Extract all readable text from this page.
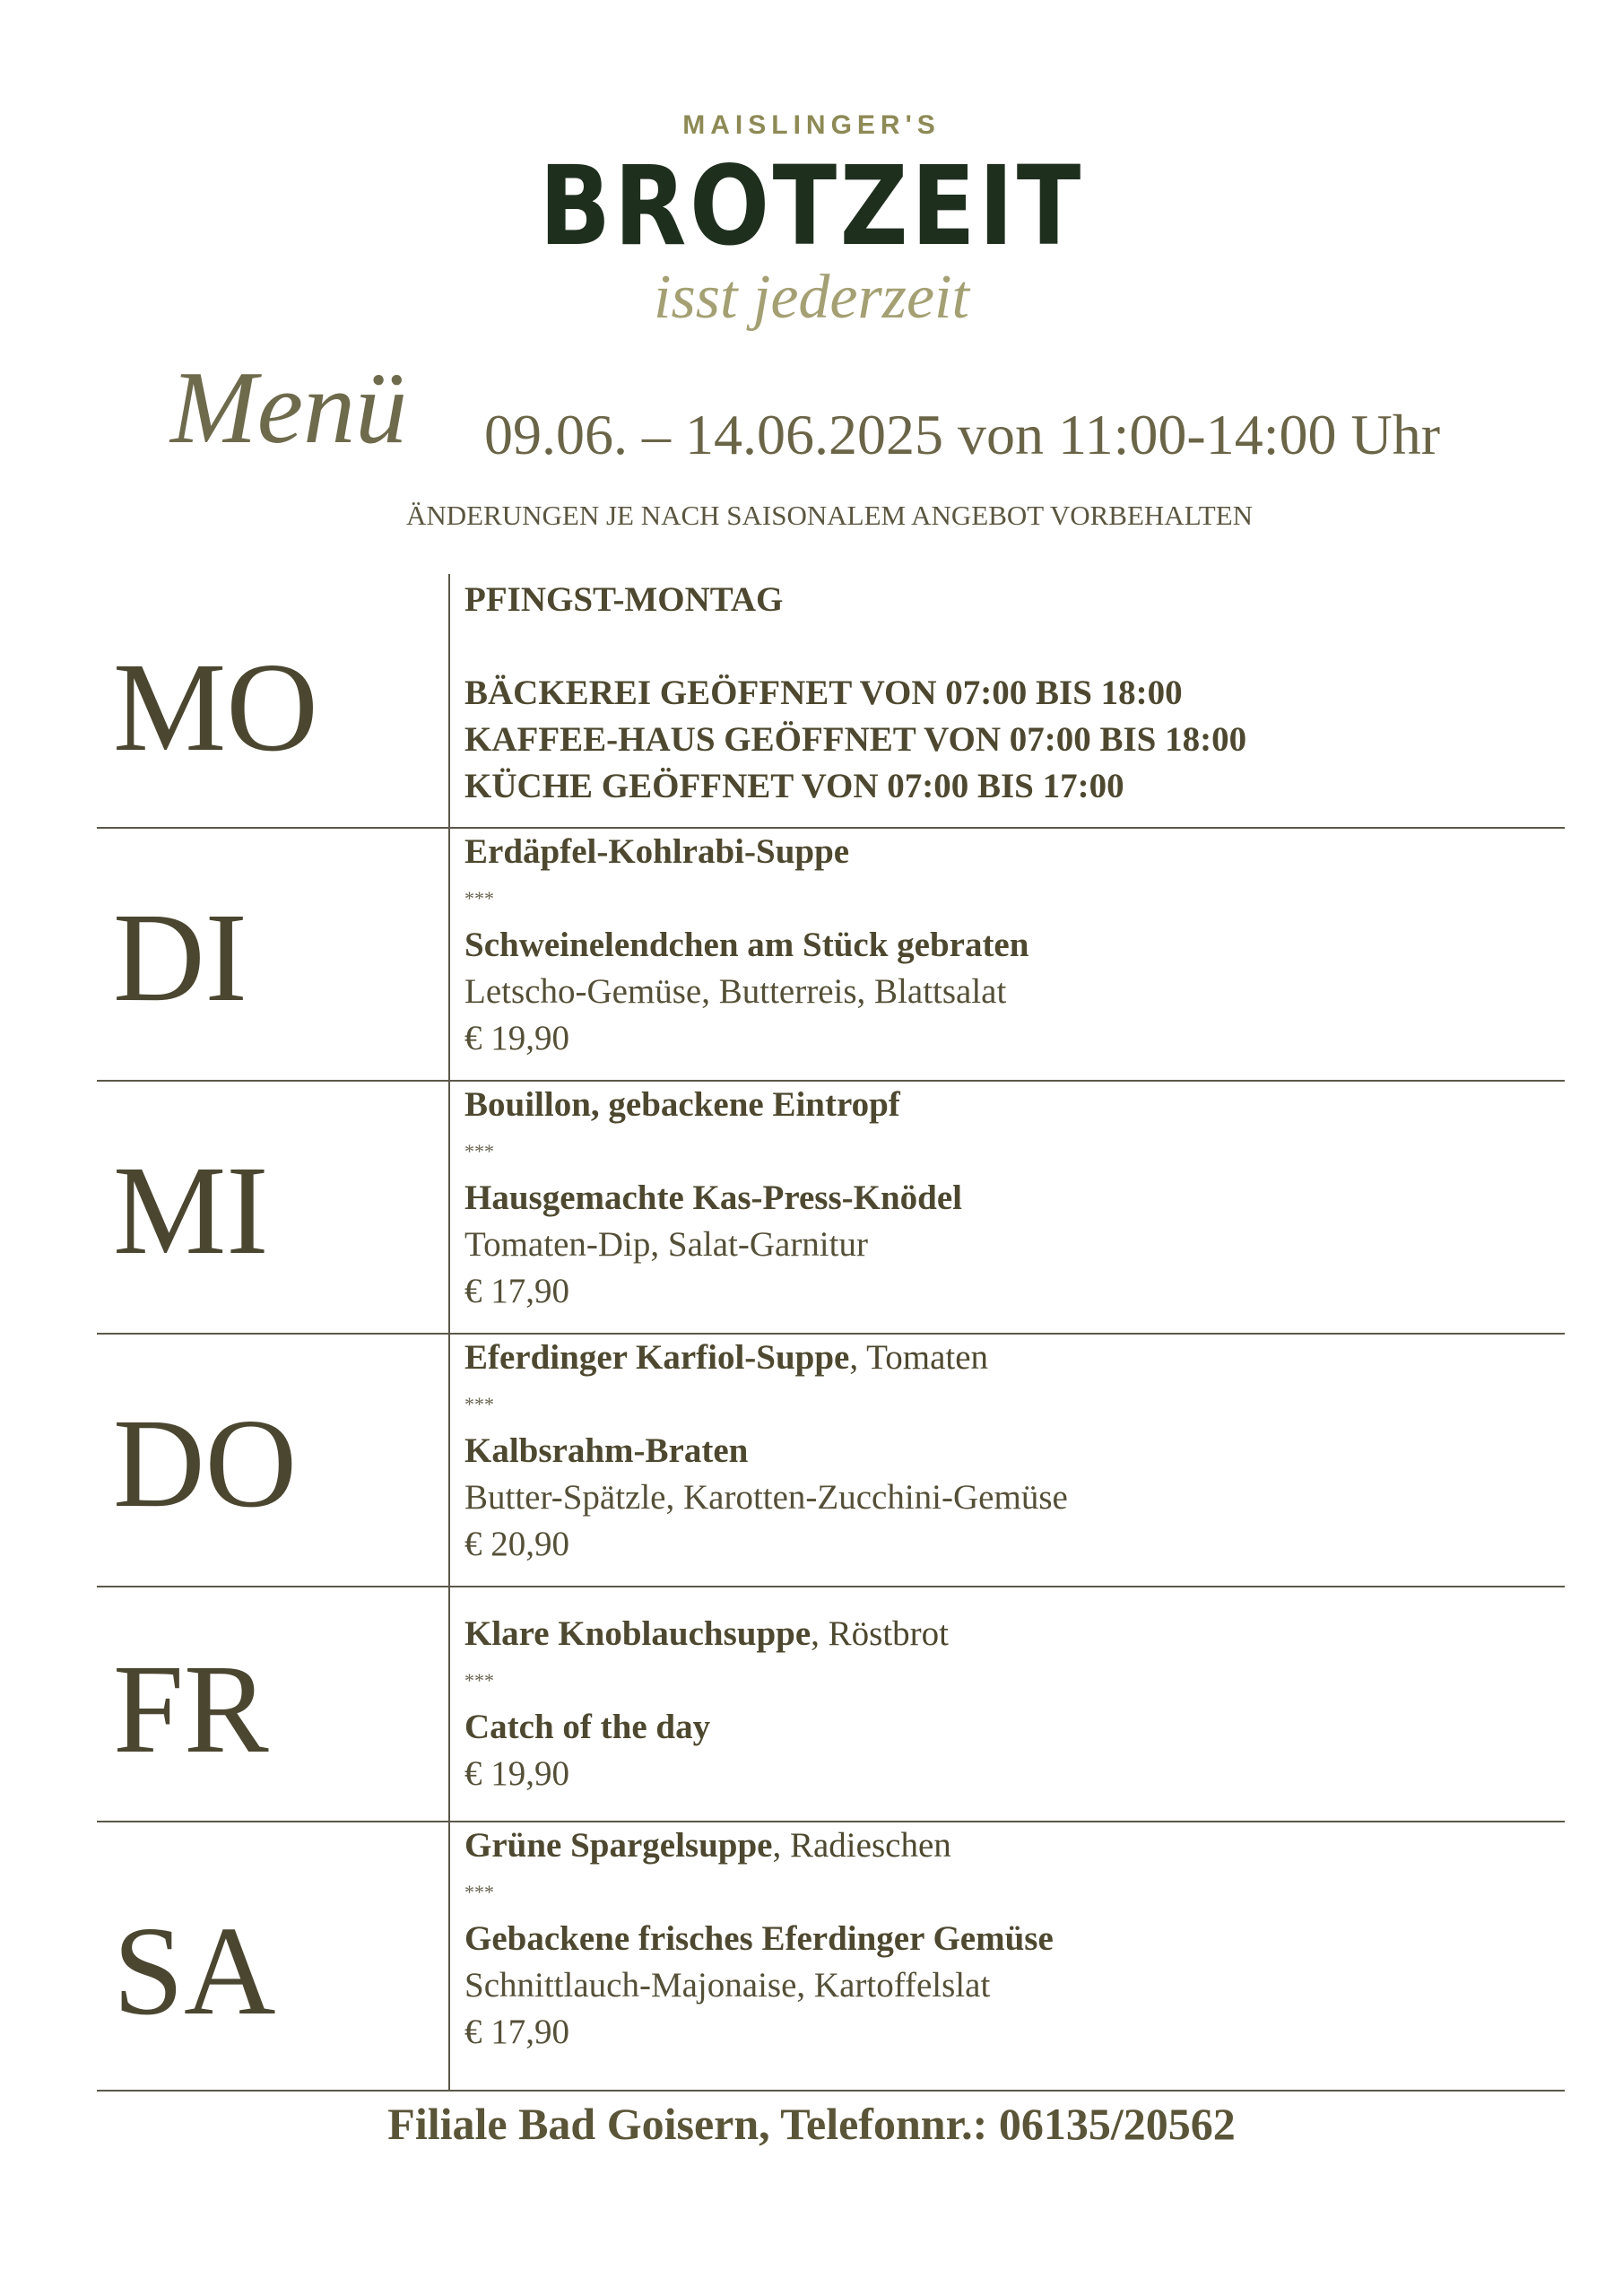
MAISLINGER'S
BROTZEIT
isst jederzeit
Menü 09.06. – 14.06.2025 von 11:00-14:00 Uhr
ÄNDERUNGEN JE NACH SAISONALEM ANGEBOT VORBEHALTEN
MO
PFINGST-MONTAG
BÄCKEREI GEÖFFNET VON 07:00 BIS 18:00
KAFFEE-HAUS GEÖFFNET VON 07:00 BIS 18:00
KÜCHE GEÖFFNET VON 07:00 BIS 17:00
DI
Erdäpfel-Kohlrabi-Suppe
***
Schweinelendchen am Stück gebraten
Letscho-Gemüse, Butterreis, Blattsalat
€ 19,90
MI
Bouillon, gebackene Eintropf
***
Hausgemachte Kas-Press-Knödel
Tomaten-Dip, Salat-Garnitur
€ 17,90
DO
Eferdinger Karfiol-Suppe, Tomaten
***
Kalbsrahm-Braten
Butter-Spätzle, Karotten-Zucchini-Gemüse
€ 20,90
FR
Klare Knoblauchsuppe, Röstbrot
***
Catch of the day
€ 19,90
SA
Grüne Spargelsuppe, Radieschen
***
Gebackene frisches Eferdinger Gemüse
Schnittlauch-Majonaise, Kartoffelslat
€ 17,90
Filiale Bad Goisern, Telefonnr.: 06135/20562
